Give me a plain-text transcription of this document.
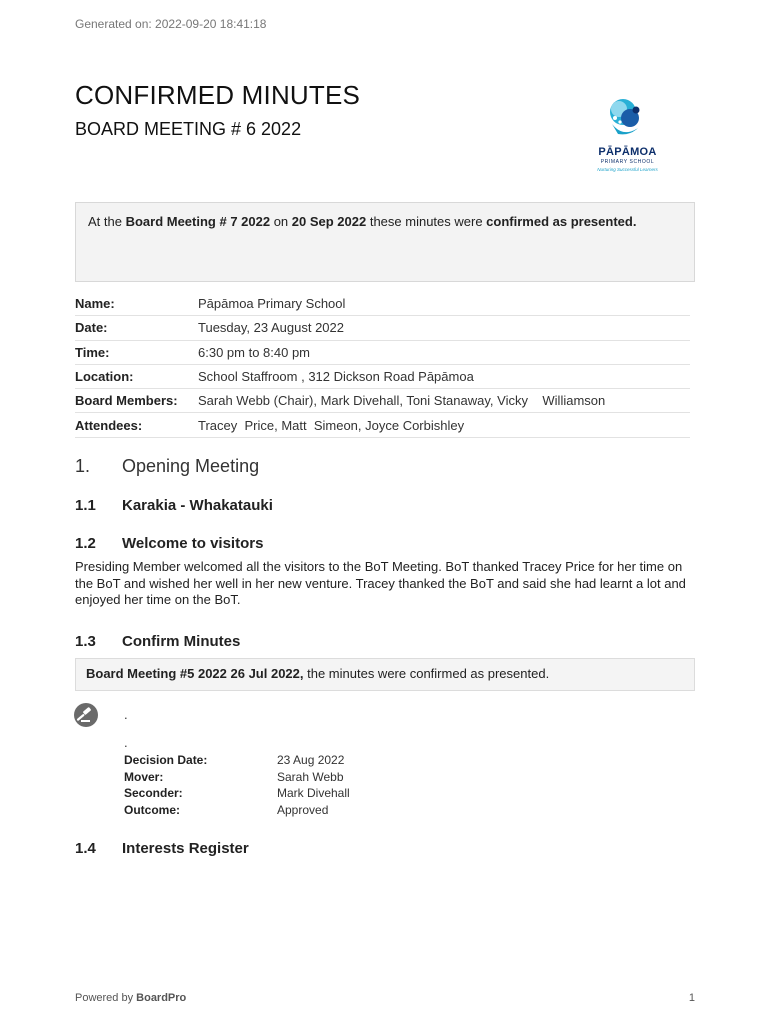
Generated on: 2022-09-20 18:41:18
CONFIRMED MINUTES
BOARD MEETING # 6 2022
PĀPĀMOA
PRIMARY SCHOOL
Nurturing Successful Learners
At the Board Meeting # 7 2022 on 20 Sep 2022 these minutes were confirmed as presented.
Name:	Pāpāmoa Primary School
Date:	Tuesday, 23 August 2022
Time:	6:30 pm to 8:40 pm
Location:	School Staffroom , 312 Dickson Road Pāpāmoa
Board Members:	Sarah Webb (Chair), Mark Divehall, Toni Stanaway, Vicky    Williamson
Attendees:	Tracey  Price, Matt  Simeon, Joyce Corbishley
1. Opening Meeting
1.1 Karakia - Whakatauki
1.2 Welcome to visitors
Presiding Member welcomed all the visitors to the BoT Meeting. BoT thanked Tracey Price for her time on the BoT and wished her well in her new venture. Tracey thanked the BoT and said she had learnt a lot and enjoyed her time on the BoT.
1.3 Confirm Minutes
Board Meeting #5 2022 26 Jul 2022, the minutes were confirmed as presented.
.
.
Decision Date:	23 Aug 2022
Mover:	Sarah Webb
Seconder:	Mark Divehall
Outcome:	Approved
1.4 Interests Register
Powered by BoardPro	1
